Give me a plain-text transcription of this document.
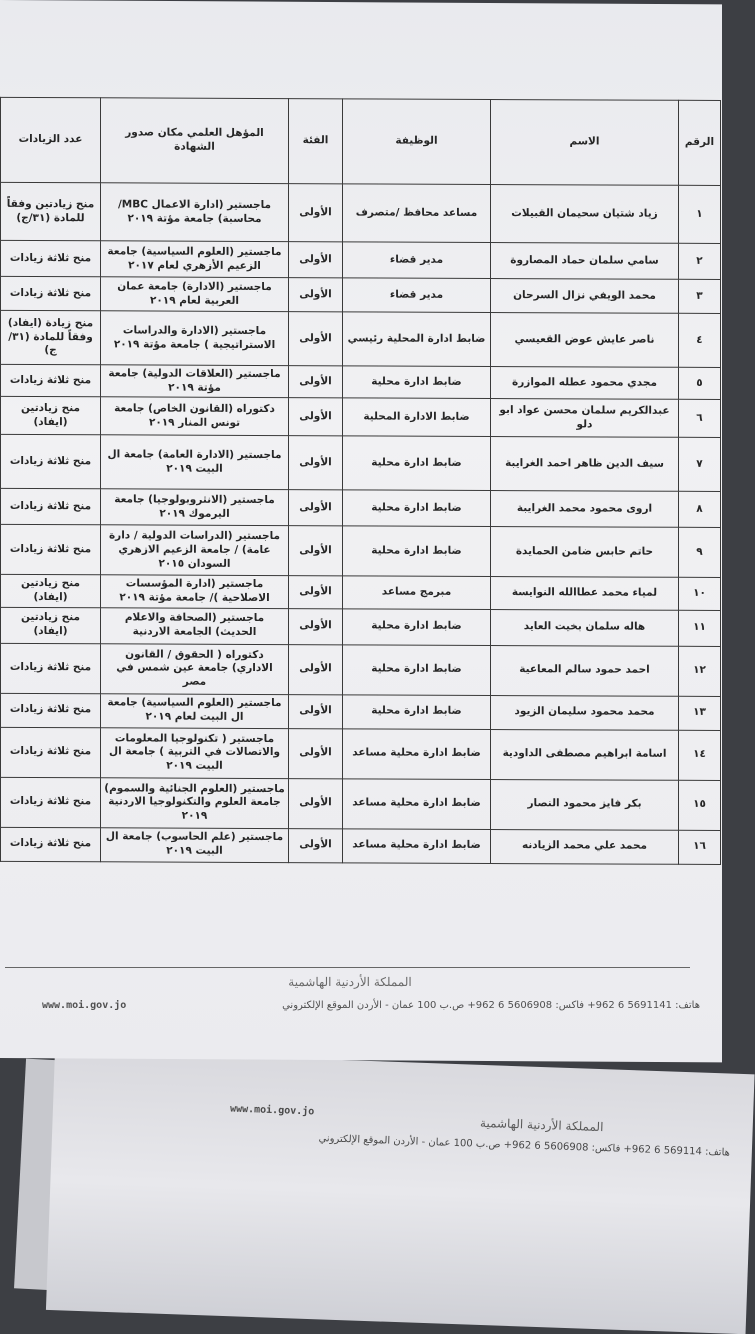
الرقم	الاسم	الوظيفة	الفئة	المؤهل العلمي مكان صدور الشهادة	عدد الزيادات
١	زياد شتيان سحيمان القبيلات	مساعد محافظ /متصرف	الأولى	ماجستير (ادارة الاعمال MBC/ محاسبة) جامعة مؤتة ٢٠١٩	منح زيادتين وفقاً للمادة (٣١/ج)
٢	سامي سلمان حماد المصاروة	مدير قضاء	الأولى	ماجستير (العلوم السياسية) جامعة الزعيم الأزهري لعام ٢٠١٧	منح ثلاثة زيادات
٣	محمد الويفي نزال السرحان	مدير قضاء	الأولى	ماجستير (الادارة) جامعة عمان العربية لعام ٢٠١٩	منح ثلاثة زيادات
٤	ناصر عايش عوض القعيسي	ضابط ادارة المحلية رئيسي	الأولى	ماجستير (الادارة والدراسات الاستراتيجية ) جامعة مؤتة ٢٠١٩	منح زيادة (ايفاد) وفقاً للمادة (٣١/ج)
٥	مجدي محمود عطله الموازرة	ضابط ادارة محلية	الأولى	ماجستير (العلاقات الدولية) جامعة مؤتة ٢٠١٩	منح ثلاثة زيادات
٦	عبدالكريم سلمان محسن عواد ابو دلو	ضابط الادارة المحلية	الأولى	دكتوراه (القانون الخاص) جامعة تونس المنار ٢٠١٩	منح زيادتين (ايفاد)
٧	سيف الدين ظاهر احمد الغرايبة	ضابط ادارة محلية	الأولى	ماجستير (الادارة العامة) جامعة ال البيت ٢٠١٩	منح ثلاثة زيادات
٨	اروى محمود محمد الغرايبة	ضابط ادارة محلية	الأولى	ماجستير (الانثروبولوجيا) جامعة اليرموك ٢٠١٩	منح ثلاثة زيادات
٩	حاتم حابس ضامن الحمايدة	ضابط ادارة محلية	الأولى	ماجستير (الدراسات الدولية / دارة عامة) / جامعة الزعيم الازهري السودان ٢٠١٥	منح ثلاثة زيادات
١٠	لمياء محمد عطاالله النوايسة	مبرمج مساعد	الأولى	ماجستير (ادارة المؤسسات الاصلاحية )/ جامعة مؤتة ٢٠١٩	منح زيادتين (ايفاد)
١١	هاله سلمان بخيت العايد	ضابط ادارة محلية	الأولى	ماجستير (الصحافة والاعلام الحديث) الجامعة الاردنية	منح زيادتين (ايفاد)
١٢	احمد حمود سالم المعاعية	ضابط ادارة محلية	الأولى	دكتوراه ( الحقوق / القانون الاداري) جامعة عين شمس في مصر	منح ثلاثة زيادات
١٣	محمد محمود سليمان الزيود	ضابط ادارة محلية	الأولى	ماجستير (العلوم السياسية) جامعة ال البيت لعام ٢٠١٩	منح ثلاثة زيادات
١٤	اسامة ابراهيم مصطفى الداودية	ضابط ادارة محلية مساعد	الأولى	ماجستير ( تكنولوجيا المعلومات والاتصالات في التربية ) جامعة ال البيت ٢٠١٩	منح ثلاثة زيادات
١٥	بكر فايز محمود النصار	ضابط ادارة محلية مساعد	الأولى	ماجستير (العلوم الجنائية والسموم) جامعة العلوم والتكنولوجيا الاردنية ٢٠١٩	منح ثلاثة زيادات
١٦	محمد علي محمد الزيادنه	ضابط ادارة محلية مساعد	الأولى	ماجستير (علم الحاسوب) جامعة ال البيت ٢٠١٩	منح ثلاثة زيادات
المملكة الأردنية الهاشمية
هاتف: 5691141 6 962+ فاكس: 5606908 6 962+ ص.ب 100 عمان - الأردن الموقع الإلكتروني
www.moi.gov.jo
www.moi.gov.jo
المملكة الأردنية الهاشمية
هاتف: 569114 6 962+ فاكس: 5606908 6 962+ ص.ب 100 عمان - الأردن الموقع الإلكتروني
